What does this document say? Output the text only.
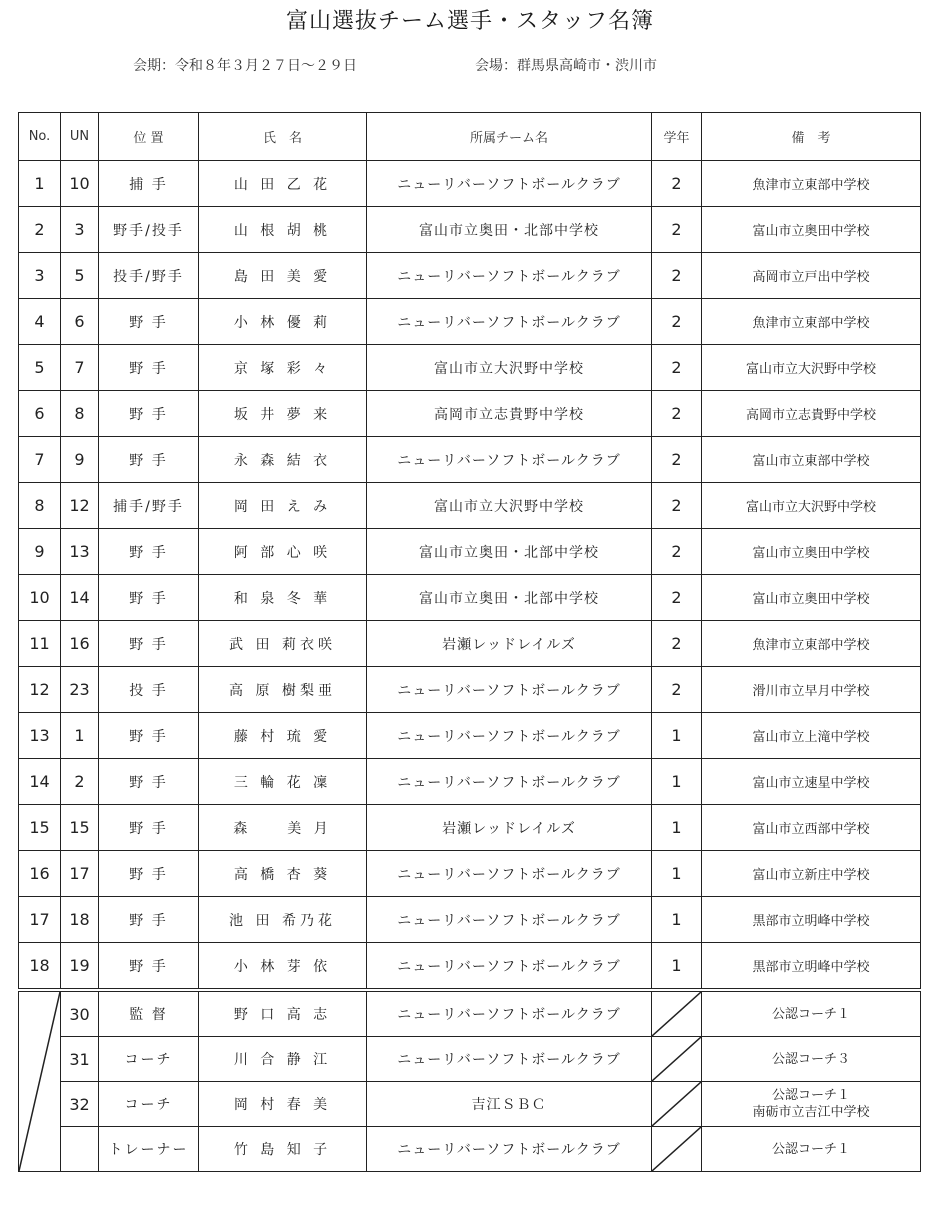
富山選抜チーム選手・スタッフ名簿
会期：令和８年３月２７日～２９日	会場：群馬県高崎市・渋川市
No.	UN	位 置	氏　名	所属チーム名	学年	備　考
1	10	捕 手	山 田 乙 花	ニューリバーソフトボールクラブ	2	魚津市立東部中学校
2	3	野手/投手	山 根 胡 桃	富山市立奥田・北部中学校	2	富山市立奥田中学校
3	5	投手/野手	島 田 美 愛	ニューリバーソフトボールクラブ	2	高岡市立戸出中学校
4	6	野 手	小 林 優 莉	ニューリバーソフトボールクラブ	2	魚津市立東部中学校
5	7	野 手	京 塚 彩 々	富山市立大沢野中学校	2	富山市立大沢野中学校
6	8	野 手	坂 井 夢 来	高岡市立志貴野中学校	2	高岡市立志貴野中学校
7	9	野 手	永 森 結 衣	ニューリバーソフトボールクラブ	2	富山市立東部中学校
8	12	捕手/野手	岡 田 え み	富山市立大沢野中学校	2	富山市立大沢野中学校
9	13	野 手	阿 部 心 咲	富山市立奥田・北部中学校	2	富山市立奥田中学校
10	14	野 手	和 泉 冬 華	富山市立奥田・北部中学校	2	富山市立奥田中学校
11	16	野 手	武 田 莉衣咲	岩瀬レッドレイルズ	2	魚津市立東部中学校
12	23	投 手	高 原 樹梨亜	ニューリバーソフトボールクラブ	2	滑川市立早月中学校
13	1	野 手	藤 村 琉 愛	ニューリバーソフトボールクラブ	1	富山市立上滝中学校
14	2	野 手	三 輪 花 凜	ニューリバーソフトボールクラブ	1	富山市立速星中学校
15	15	野 手	森　　美 月	岩瀬レッドレイルズ	1	富山市立西部中学校
16	17	野 手	高 橋 杏 葵	ニューリバーソフトボールクラブ	1	富山市立新庄中学校
17	18	野 手	池 田 希乃花	ニューリバーソフトボールクラブ	1	黒部市立明峰中学校
18	19	野 手	小 林 芽 依	ニューリバーソフトボールクラブ	1	黒部市立明峰中学校

	30	監 督	野 口 高 志	ニューリバーソフトボールクラブ		公認コーチ１

	31	コーチ	川 合 静 江	ニューリバーソフトボールクラブ		公認コーチ３

	32	コーチ	岡 村 春 美	吉江ＳＢＣ		公認コーチ１
南砺市立吉江中学校

		トレーナー	竹 島 知 子	ニューリバーソフトボールクラブ		公認コーチ１
